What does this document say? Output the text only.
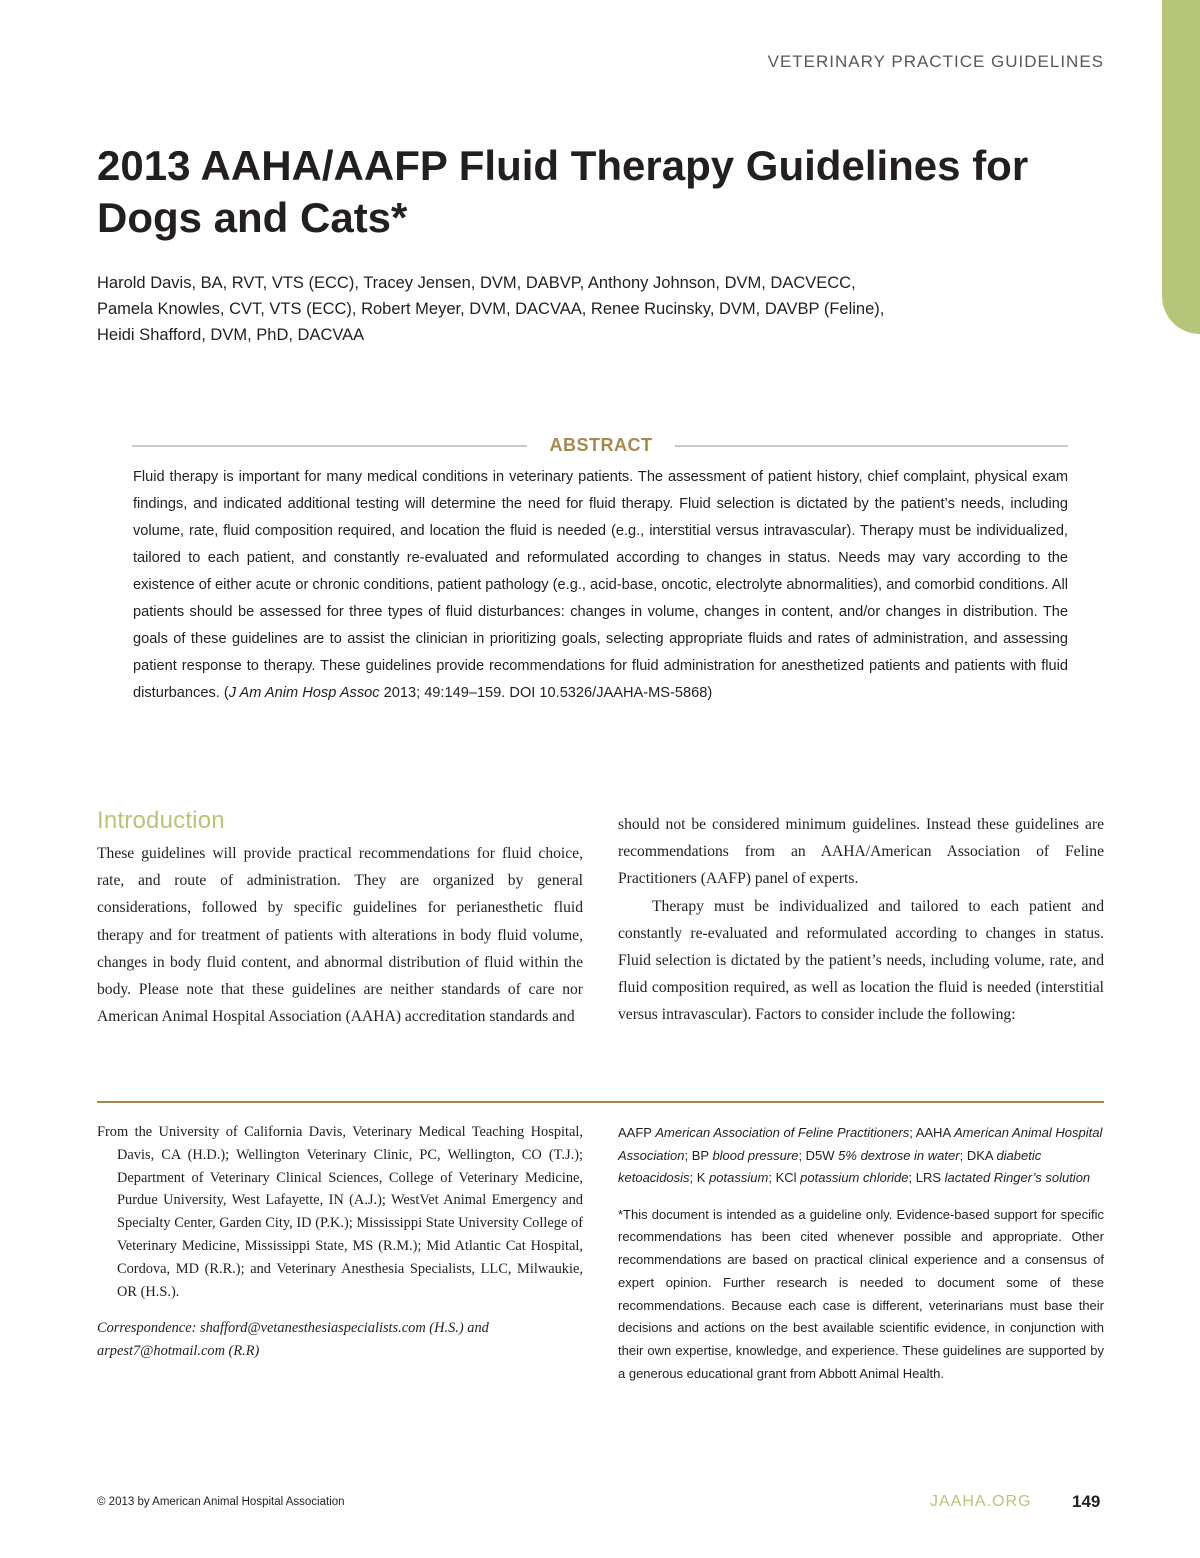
VETERINARY PRACTICE GUIDELINES
2013 AAHA/AAFP Fluid Therapy Guidelines for
Dogs and Cats*
Harold Davis, BA, RVT, VTS (ECC), Tracey Jensen, DVM, DABVP, Anthony Johnson, DVM, DACVECC,
Pamela Knowles, CVT, VTS (ECC), Robert Meyer, DVM, DACVAA, Renee Rucinsky, DVM, DAVBP (Feline),
Heidi Shafford, DVM, PhD, DACVAA
ABSTRACT
Fluid therapy is important for many medical conditions in veterinary patients. The assessment of patient history, chief complaint, physical exam findings, and indicated additional testing will determine the need for fluid therapy. Fluid selection is dictated by the patient’s needs, including volume, rate, fluid composition required, and location the fluid is needed (e.g., interstitial versus intravascular). Therapy must be individualized, tailored to each patient, and constantly re-evaluated and reformulated according to changes in status. Needs may vary according to the existence of either acute or chronic conditions, patient pathology (e.g., acid-base, oncotic, electrolyte abnormalities), and comorbid conditions. All patients should be assessed for three types of fluid disturbances: changes in volume, changes in content, and/or changes in distribution. The goals of these guidelines are to assist the clinician in prioritizing goals, selecting appropriate fluids and rates of administration, and assessing patient response to therapy. These guidelines provide recommendations for fluid administration for anesthetized patients and patients with fluid disturbances. (J Am Anim Hosp Assoc 2013; 49:149–159. DOI 10.5326/JAAHA-MS-5868)
Introduction

These guidelines will provide practical recommendations for fluid choice, rate, and route of administration. They are organized by general considerations, followed by specific guidelines for perianesthetic fluid therapy and for treatment of patients with alterations in body fluid volume, changes in body fluid content, and abnormal distribution of fluid within the body. Please note that these guidelines are neither standards of care nor American Animal Hospital Association (AAHA) accreditation standards and

should not be considered minimum guidelines. Instead these guidelines are recommendations from an AAHA/American Association of Feline Practitioners (AAFP) panel of experts.

Therapy must be individualized and tailored to each patient and constantly re-evaluated and reformulated according to changes in status. Fluid selection is dictated by the patient’s needs, including volume, rate, and fluid composition required, as well as location the fluid is needed (interstitial versus intravascular). Factors to consider include the following:

From the University of California Davis, Veterinary Medical Teaching Hospital, Davis, CA (H.D.); Wellington Veterinary Clinic, PC, Wellington, CO (T.J.); Department of Veterinary Clinical Sciences, College of Veterinary Medicine, Purdue University, West Lafayette, IN (A.J.); WestVet Animal Emergency and Specialty Center, Garden City, ID (P.K.); Mississippi State University College of Veterinary Medicine, Mississippi State, MS (R.M.); Mid Atlantic Cat Hospital, Cordova, MD (R.R.); and Veterinary Anesthesia Specialists, LLC, Milwaukie, OR (H.S.).

Correspondence: shafford@vetanesthesiaspecialists.com (H.S.) and arpest7@hotmail.com (R.R)

AAFP American Association of Feline Practitioners; AAHA American Animal Hospital Association; BP blood pressure; D5W 5% dextrose in water; DKA diabetic ketoacidosis; K potassium; KCl potassium chloride; LRS lactated Ringer’s solution

*This document is intended as a guideline only. Evidence-based support for specific recommendations has been cited whenever possible and appropriate. Other recommendations are based on practical clinical experience and a consensus of expert opinion. Further research is needed to document some of these recommendations. Because each case is different, veterinarians must base their decisions and actions on the best available scientific evidence, in conjunction with their own expertise, knowledge, and experience. These guidelines are supported by a generous educational grant from Abbott Animal Health.

© 2013 by American Animal Hospital Association	JAAHA.ORG 149
